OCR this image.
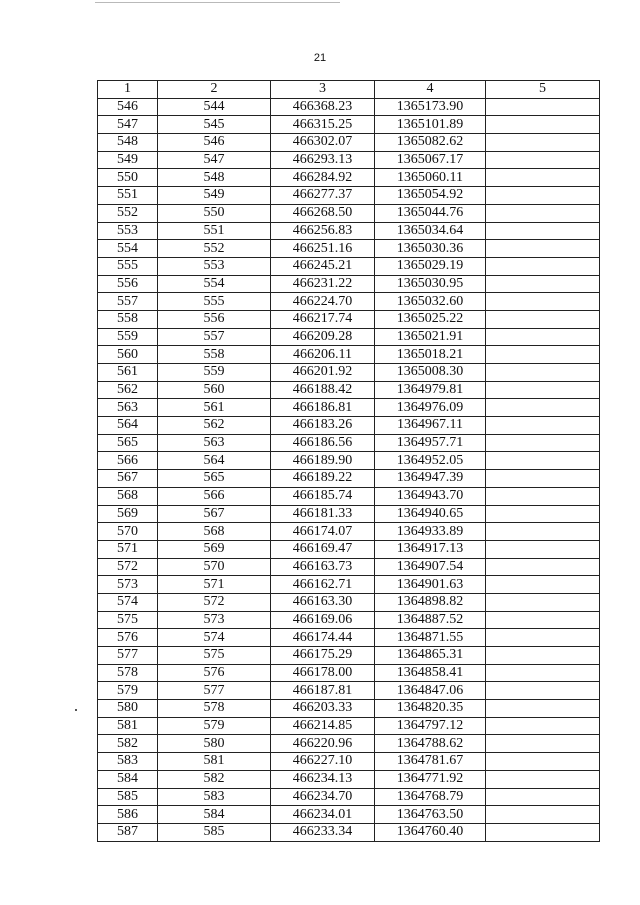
21
1	2	3	4	5
546	544	466368.23	1365173.90	
547	545	466315.25	1365101.89	
548	546	466302.07	1365082.62	
549	547	466293.13	1365067.17	
550	548	466284.92	1365060.11	
551	549	466277.37	1365054.92	
552	550	466268.50	1365044.76	
553	551	466256.83	1365034.64	
554	552	466251.16	1365030.36	
555	553	466245.21	1365029.19	
556	554	466231.22	1365030.95	
557	555	466224.70	1365032.60	
558	556	466217.74	1365025.22	
559	557	466209.28	1365021.91	
560	558	466206.11	1365018.21	
561	559	466201.92	1365008.30	
562	560	466188.42	1364979.81	
563	561	466186.81	1364976.09	
564	562	466183.26	1364967.11	
565	563	466186.56	1364957.71	
566	564	466189.90	1364952.05	
567	565	466189.22	1364947.39	
568	566	466185.74	1364943.70	
569	567	466181.33	1364940.65	
570	568	466174.07	1364933.89	
571	569	466169.47	1364917.13	
572	570	466163.73	1364907.54	
573	571	466162.71	1364901.63	
574	572	466163.30	1364898.82	
575	573	466169.06	1364887.52	
576	574	466174.44	1364871.55	
577	575	466175.29	1364865.31	
578	576	466178.00	1364858.41	
579	577	466187.81	1364847.06	
580	578	466203.33	1364820.35	
581	579	466214.85	1364797.12	
582	580	466220.96	1364788.62	
583	581	466227.10	1364781.67	
584	582	466234.13	1364771.92	
585	583	466234.70	1364768.79	
586	584	466234.01	1364763.50	
587	585	466233.34	1364760.40	
